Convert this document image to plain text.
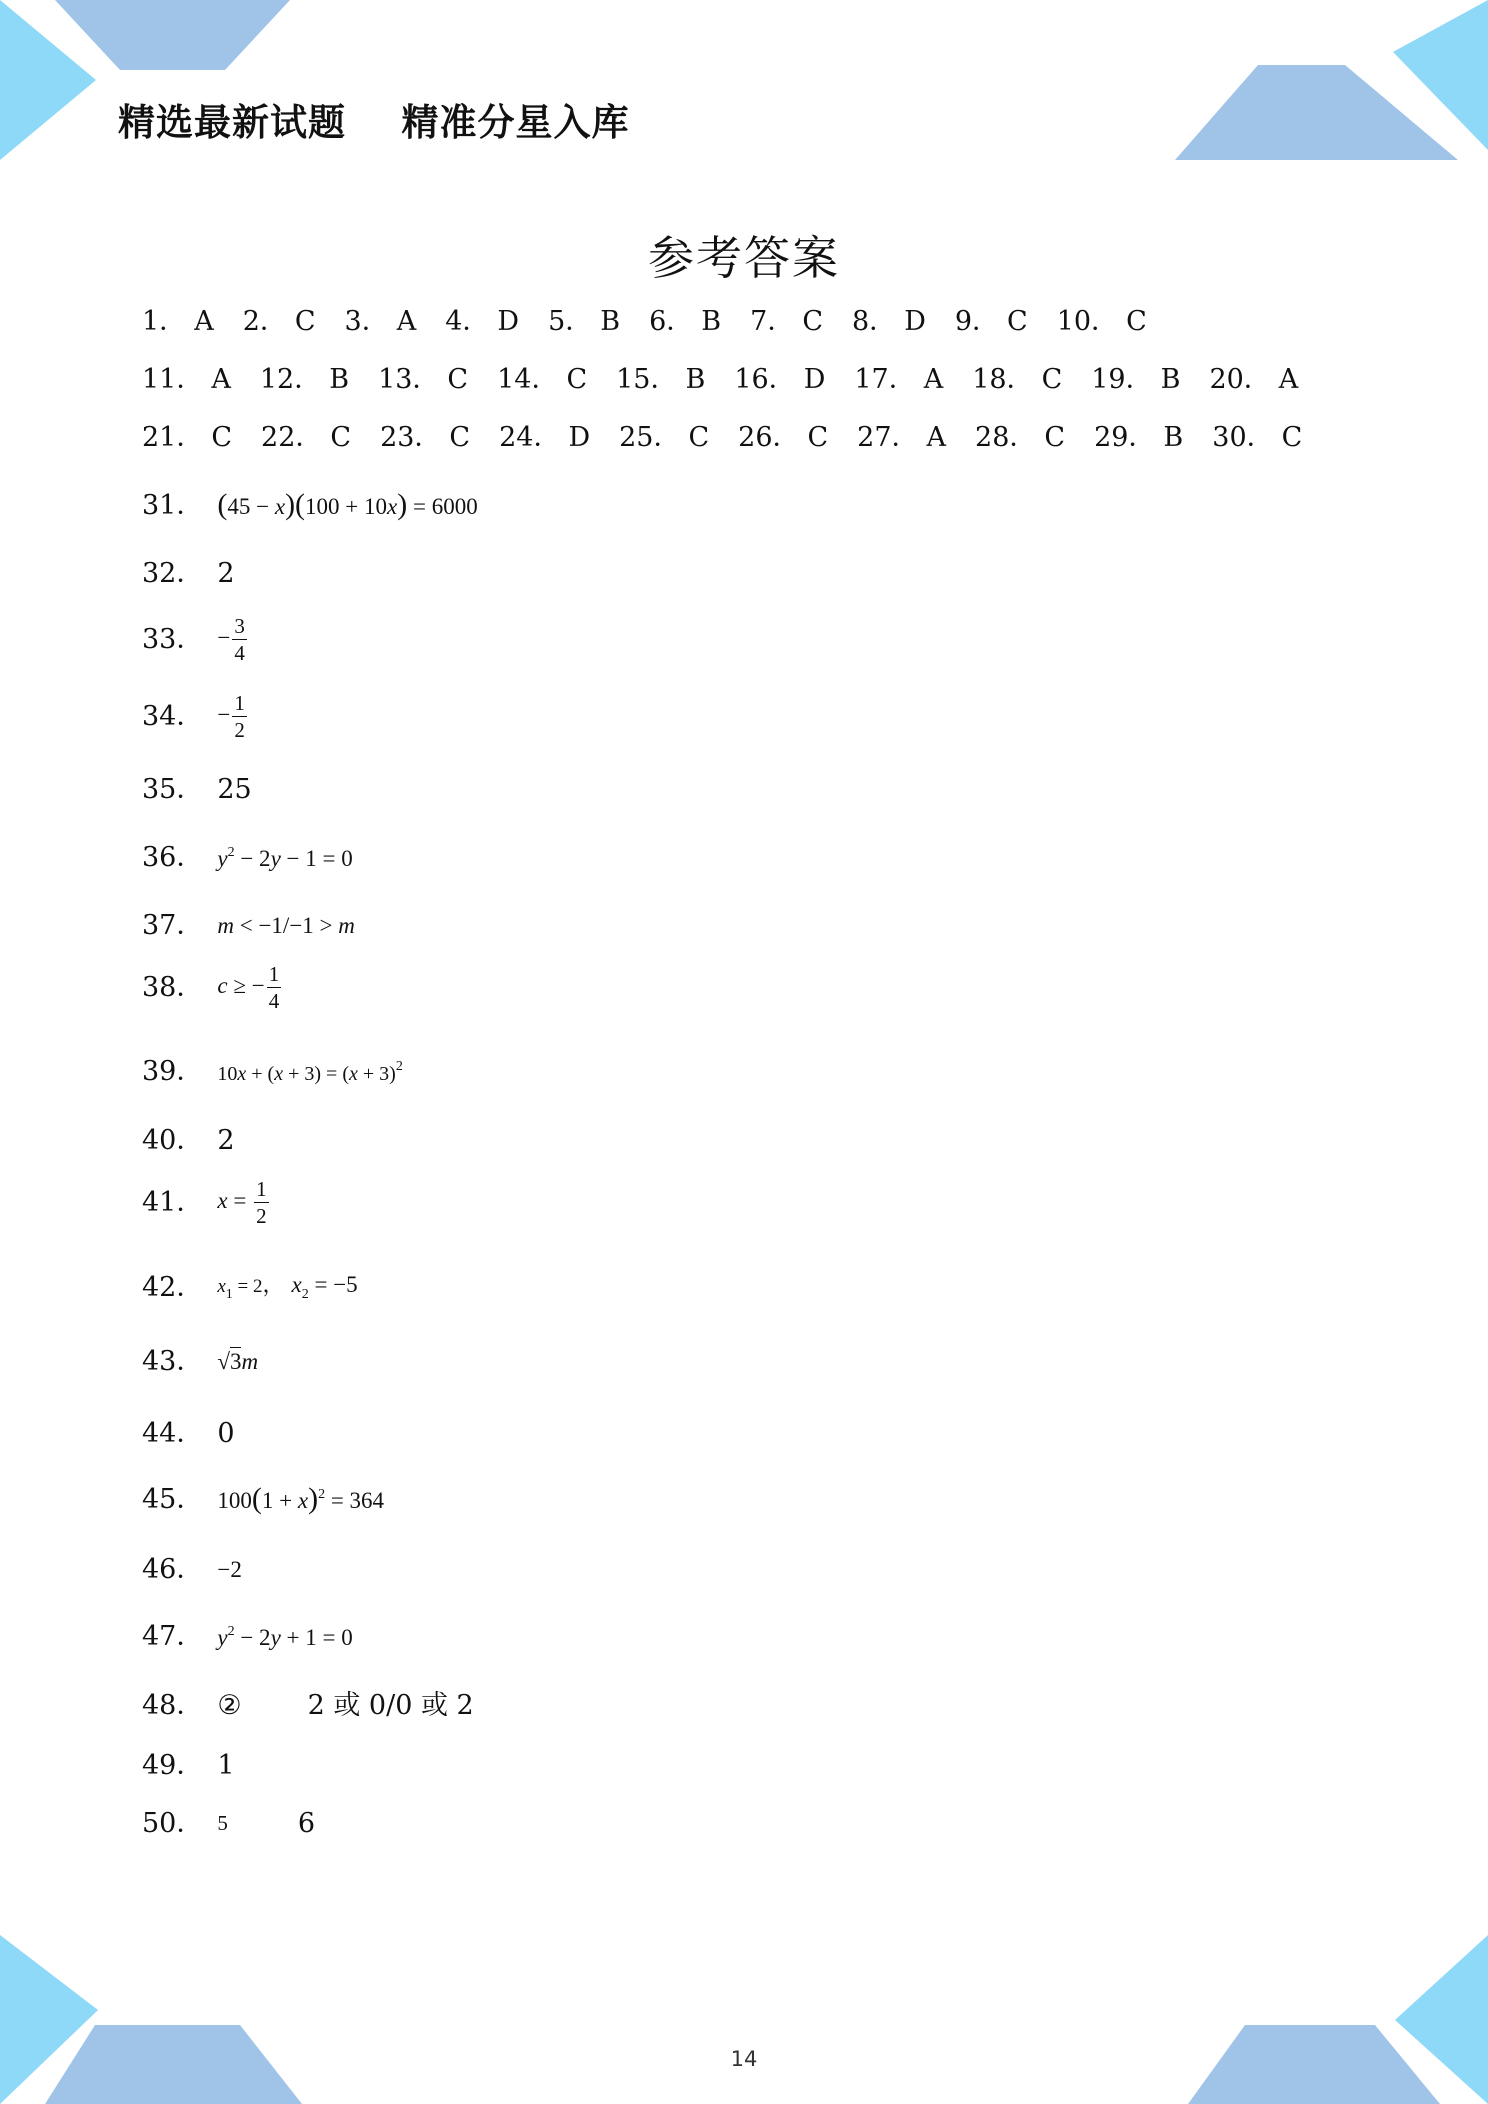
精选最新试题    精准分星入库
参考答案
1． A 2． C 3． A 4． D 5． B 6． B 7． C 8． D 9． C 10． C
11． A 12． B 13． C 14． C 15． B 16． D 17． A 18． C 19． B 20． A
21． C 22． C 23． C 24． D 25． C 26． C 27． A 28． C 29． B 30． C
31． (45 − x)(100 + 10x) = 6000
32． 2
33． − $\frac{3}{4}$
34． − $\frac{1}{2}$
35． 25
36． $y^2 - 2y - 1 = 0$
37． m < −1/−1 > m
38． c ≥ − $\frac{1}{4}$
39． $10x + (x + 3) = (x + 3)^2$
40． 2
41． $x = \frac{1}{2}$
42． $x_1 = 2$， $x_2 = -5$
43． √3m
44． 0
45． $100(1 + x)^2 = 364$
46． −2
47． $y^2 - 2y + 1 = 0$
48． ② 2 或 0/0 或 2
49． 1
50． 5	6
14
